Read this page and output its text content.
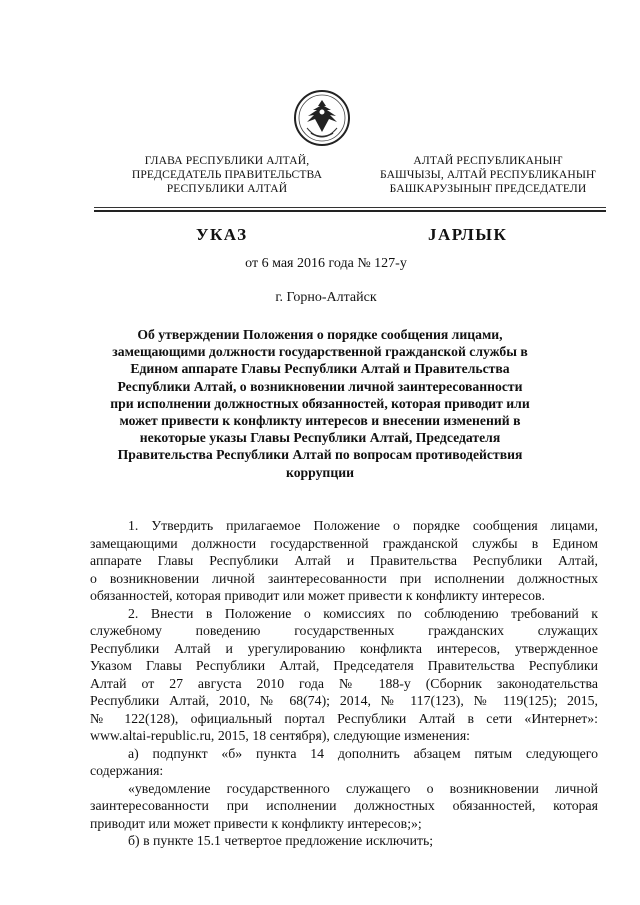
ГЛАВА РЕСПУБЛИКИ АЛТАЙ,
ПРЕДСЕДАТЕЛЬ ПРАВИТЕЛЬСТВА
РЕСПУБЛИКИ АЛТАЙ
АЛТАЙ РЕСПУБЛИКАНЫҤ
БАШЧЫЗЫ, АЛТАЙ РЕСПУБЛИКАНЫҤ
БАШКАРУЗЫНЫҤ ПРЕДСЕДАТЕЛИ
УКАЗ	ЈАРЛЫК
от 6 мая 2016 года № 127-у
г. Горно-Алтайск
Об утверждении Положения о порядке сообщения лицами,
замещающими должности государственной гражданской службы в
Едином аппарате Главы Республики Алтай и Правительства
Республики Алтай, о возникновении личной заинтересованности
при исполнении должностных обязанностей, которая приводит или
может привести к конфликту интересов и внесении изменений в
некоторые указы Главы Республики Алтай, Председателя
Правительства Республики Алтай по вопросам противодействия
коррупции
1. Утвердить прилагаемое Положение о порядке сообщения лицами,
замещающими должности государственной гражданской службы в Едином
аппарате Главы Республики Алтай и Правительства Республики Алтай,
о возникновении личной заинтересованности при исполнении должностных
обязанностей, которая приводит или может привести к конфликту интересов.
2. Внести в Положение о комиссиях по соблюдению требований к
служебному поведению государственных гражданских служащих
Республики Алтай и урегулированию конфликта интересов, утвержденное
Указом Главы Республики Алтай, Председателя Правительства Республики
Алтай от 27 августа 2010 года № 188-у (Сборник законодательства
Республики Алтай, 2010, № 68(74); 2014, № 117(123), № 119(125); 2015,
№ 122(128), официальный портал Республики Алтай в сети «Интернет»:
www.altai-republic.ru, 2015, 18 сентября), следующие изменения:
а) подпункт «б» пункта 14 дополнить абзацем пятым следующего
содержания:
«уведомление государственного служащего о возникновении личной
заинтересованности при исполнении должностных обязанностей, которая
приводит или может привести к конфликту интересов;»;
б) в пункте 15.1 четвертое предложение исключить;
